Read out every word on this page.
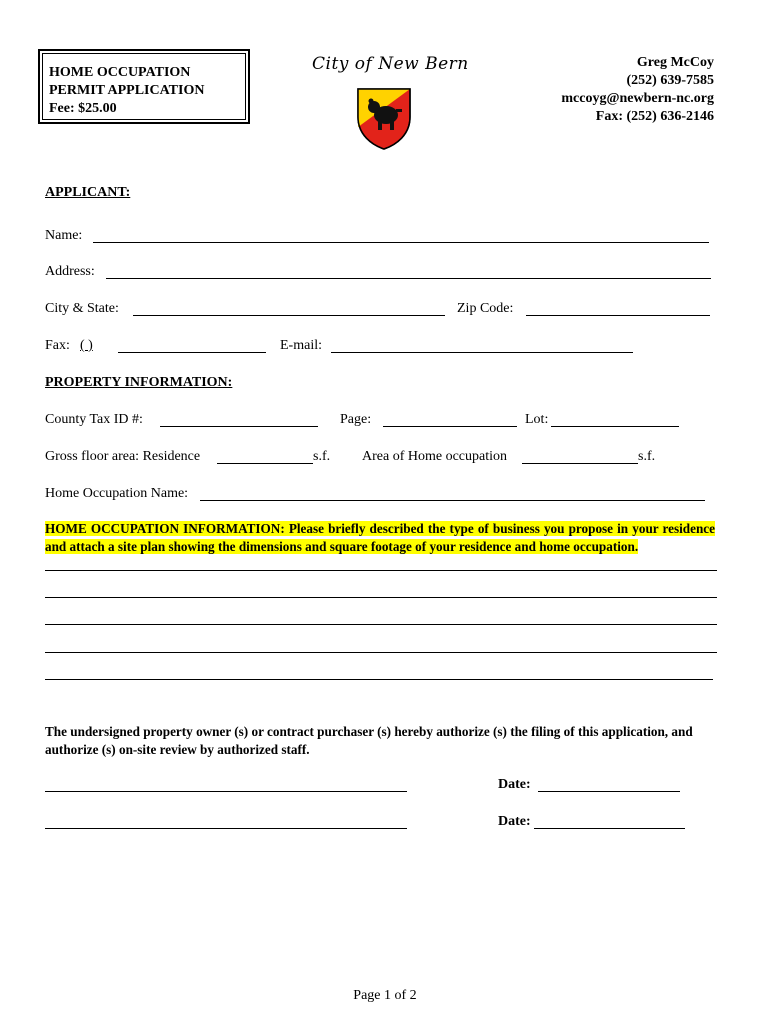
HOME OCCUPATION
PERMIT APPLICATION
Fee: $25.00
City of New Bern	Greg McCoy
(252) 639-7585
mccoyg@newbern-nc.org
Fax: (252) 636-2146
APPLICANT:
Name:
Address:
City & State:	Zip Code:
Fax: ( )	E-mail:
PROPERTY INFORMATION:
County Tax ID #:	Page:	Lot:
Gross floor area: Residence	s.f. Area of Home occupation	s.f.
Home Occupation Name:
HOME OCCUPATION INFORMATION: Please briefly described the type of business you propose in your residence and attach a site plan showing the dimensions and square footage of your residence and home occupation.
The undersigned property owner (s) or contract purchaser (s) hereby authorize (s) the filing of this application, and authorize (s) on-site review by authorized staff.
Date:
Date:
Page 1 of 2
